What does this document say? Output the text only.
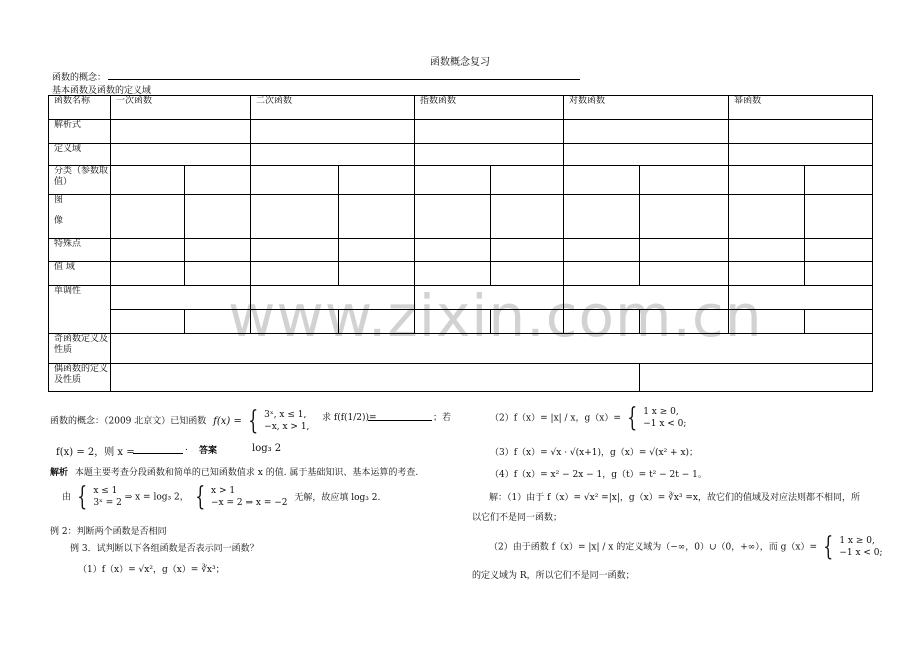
www.zixin.com.cn
函数概念复习
函数的概念：
基本函数及函数的定义域
函数名称	一次函数		二次函数		指数函数		对数函数		幂函数	
解析式										
定义域										
分类（参数取值）										

图
像										

特殊点										
值 域										
单调性										

奇函数定义及性质										
偶函数的定义及性质										
函数的概念：（2009 北京文）已知函数 f(x) = { 3ˣ, x ≤ 1,
−x, x > 1,
求 f(f(1/2))=	；若
f(x) = 2，则 x =	. 答案	log₃ 2
解析 本题主要考查分段函数和简单的已知函数值求 x 的值. 属于基础知识、基本运算的考查.
由 { x ≤ 1
3ˣ = 2
⇒ x = log₃ 2， { x > 1
−x = 2 ⇒ x = −2
无解，故应填 log₃ 2.
例 2：判断两个函数是否相同
例 3．试判断以下各组函数是否表示同一函数？
（1）f（x）= √x²，g（x）= ∛x³；
（2）f（x）= |x| / x，g（x）= { 1 x ≥ 0,
−1 x < 0;
（3）f（x）= √x · √(x+1)，g（x）= √(x² + x)；
（4）f（x）= x² − 2x − 1，g（t）= t² − 2t − 1。
解：（1）由于 f（x）= √x² =|x|，g（x）= ∛x³ =x，故它们的值域及对应法则都不相同，所
以它们不是同一函数；
（2）由于函数 f（x）= |x| / x 的定义域为（−∞，0）∪（0，+∞），而 g（x）= { 1 x ≥ 0,
−1 x < 0;
的定义域为 R，所以它们不是同一函数；
